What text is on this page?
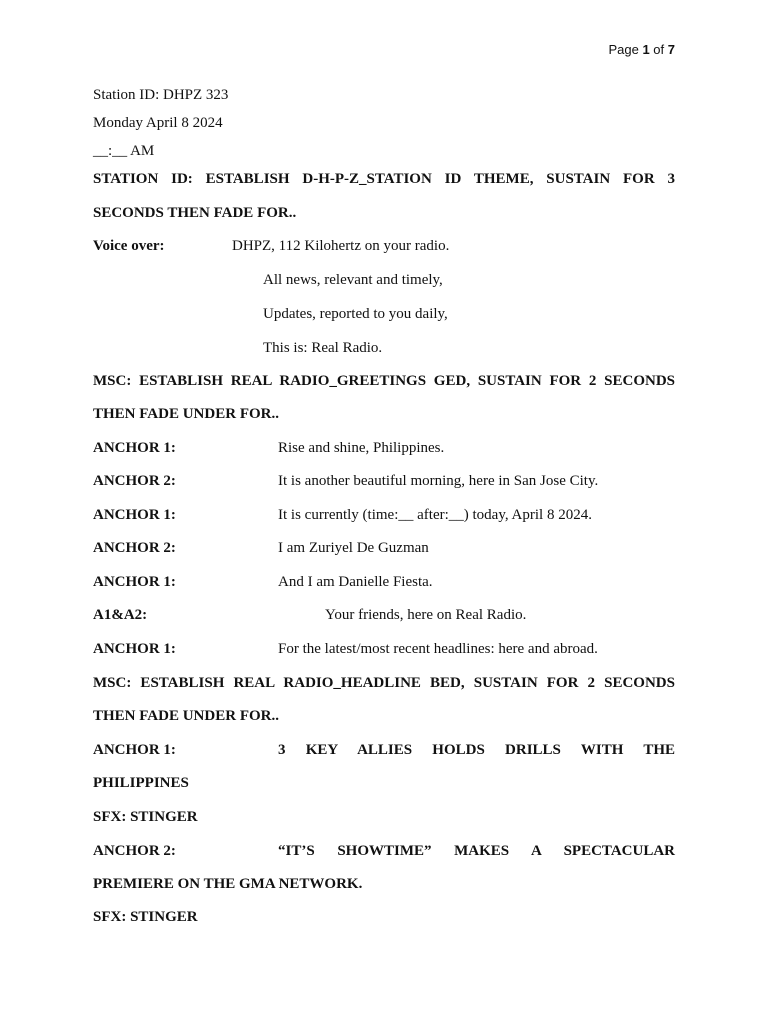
Page 1 of 7
Station ID: DHPZ 323
Monday April 8 2024
__:__ AM
STATION ID: ESTABLISH D-H-P-Z_STATION ID THEME, SUSTAIN FOR 3
SECONDS THEN FADE FOR..
Voice over:	DHPZ, 112 Kilohertz on your radio.
All news, relevant and timely,
Updates, reported to you daily,
This is: Real Radio.
MSC: ESTABLISH REAL RADIO_GREETINGS GED, SUSTAIN FOR 2 SECONDS
THEN FADE UNDER FOR..
ANCHOR 1:	Rise and shine, Philippines.
ANCHOR 2:	It is another beautiful morning, here in San Jose City.
ANCHOR 1:	It is currently (time:__ after:__) today, April 8 2024.
ANCHOR 2:	I am Zuriyel De Guzman
ANCHOR 1:	And I am Danielle Fiesta.
A1&A2:	Your friends, here on Real Radio.
ANCHOR 1:	For the latest/most recent headlines: here and abroad.
MSC: ESTABLISH REAL RADIO_HEADLINE BED, SUSTAIN FOR 2 SECONDS
THEN FADE UNDER FOR..
ANCHOR 1:	3 KEY ALLIES HOLDS DRILLS WITH THE
PHILIPPINES
SFX: STINGER
ANCHOR 2:	“IT’S SHOWTIME” MAKES A SPECTACULAR
PREMIERE ON THE GMA NETWORK.
SFX: STINGER
